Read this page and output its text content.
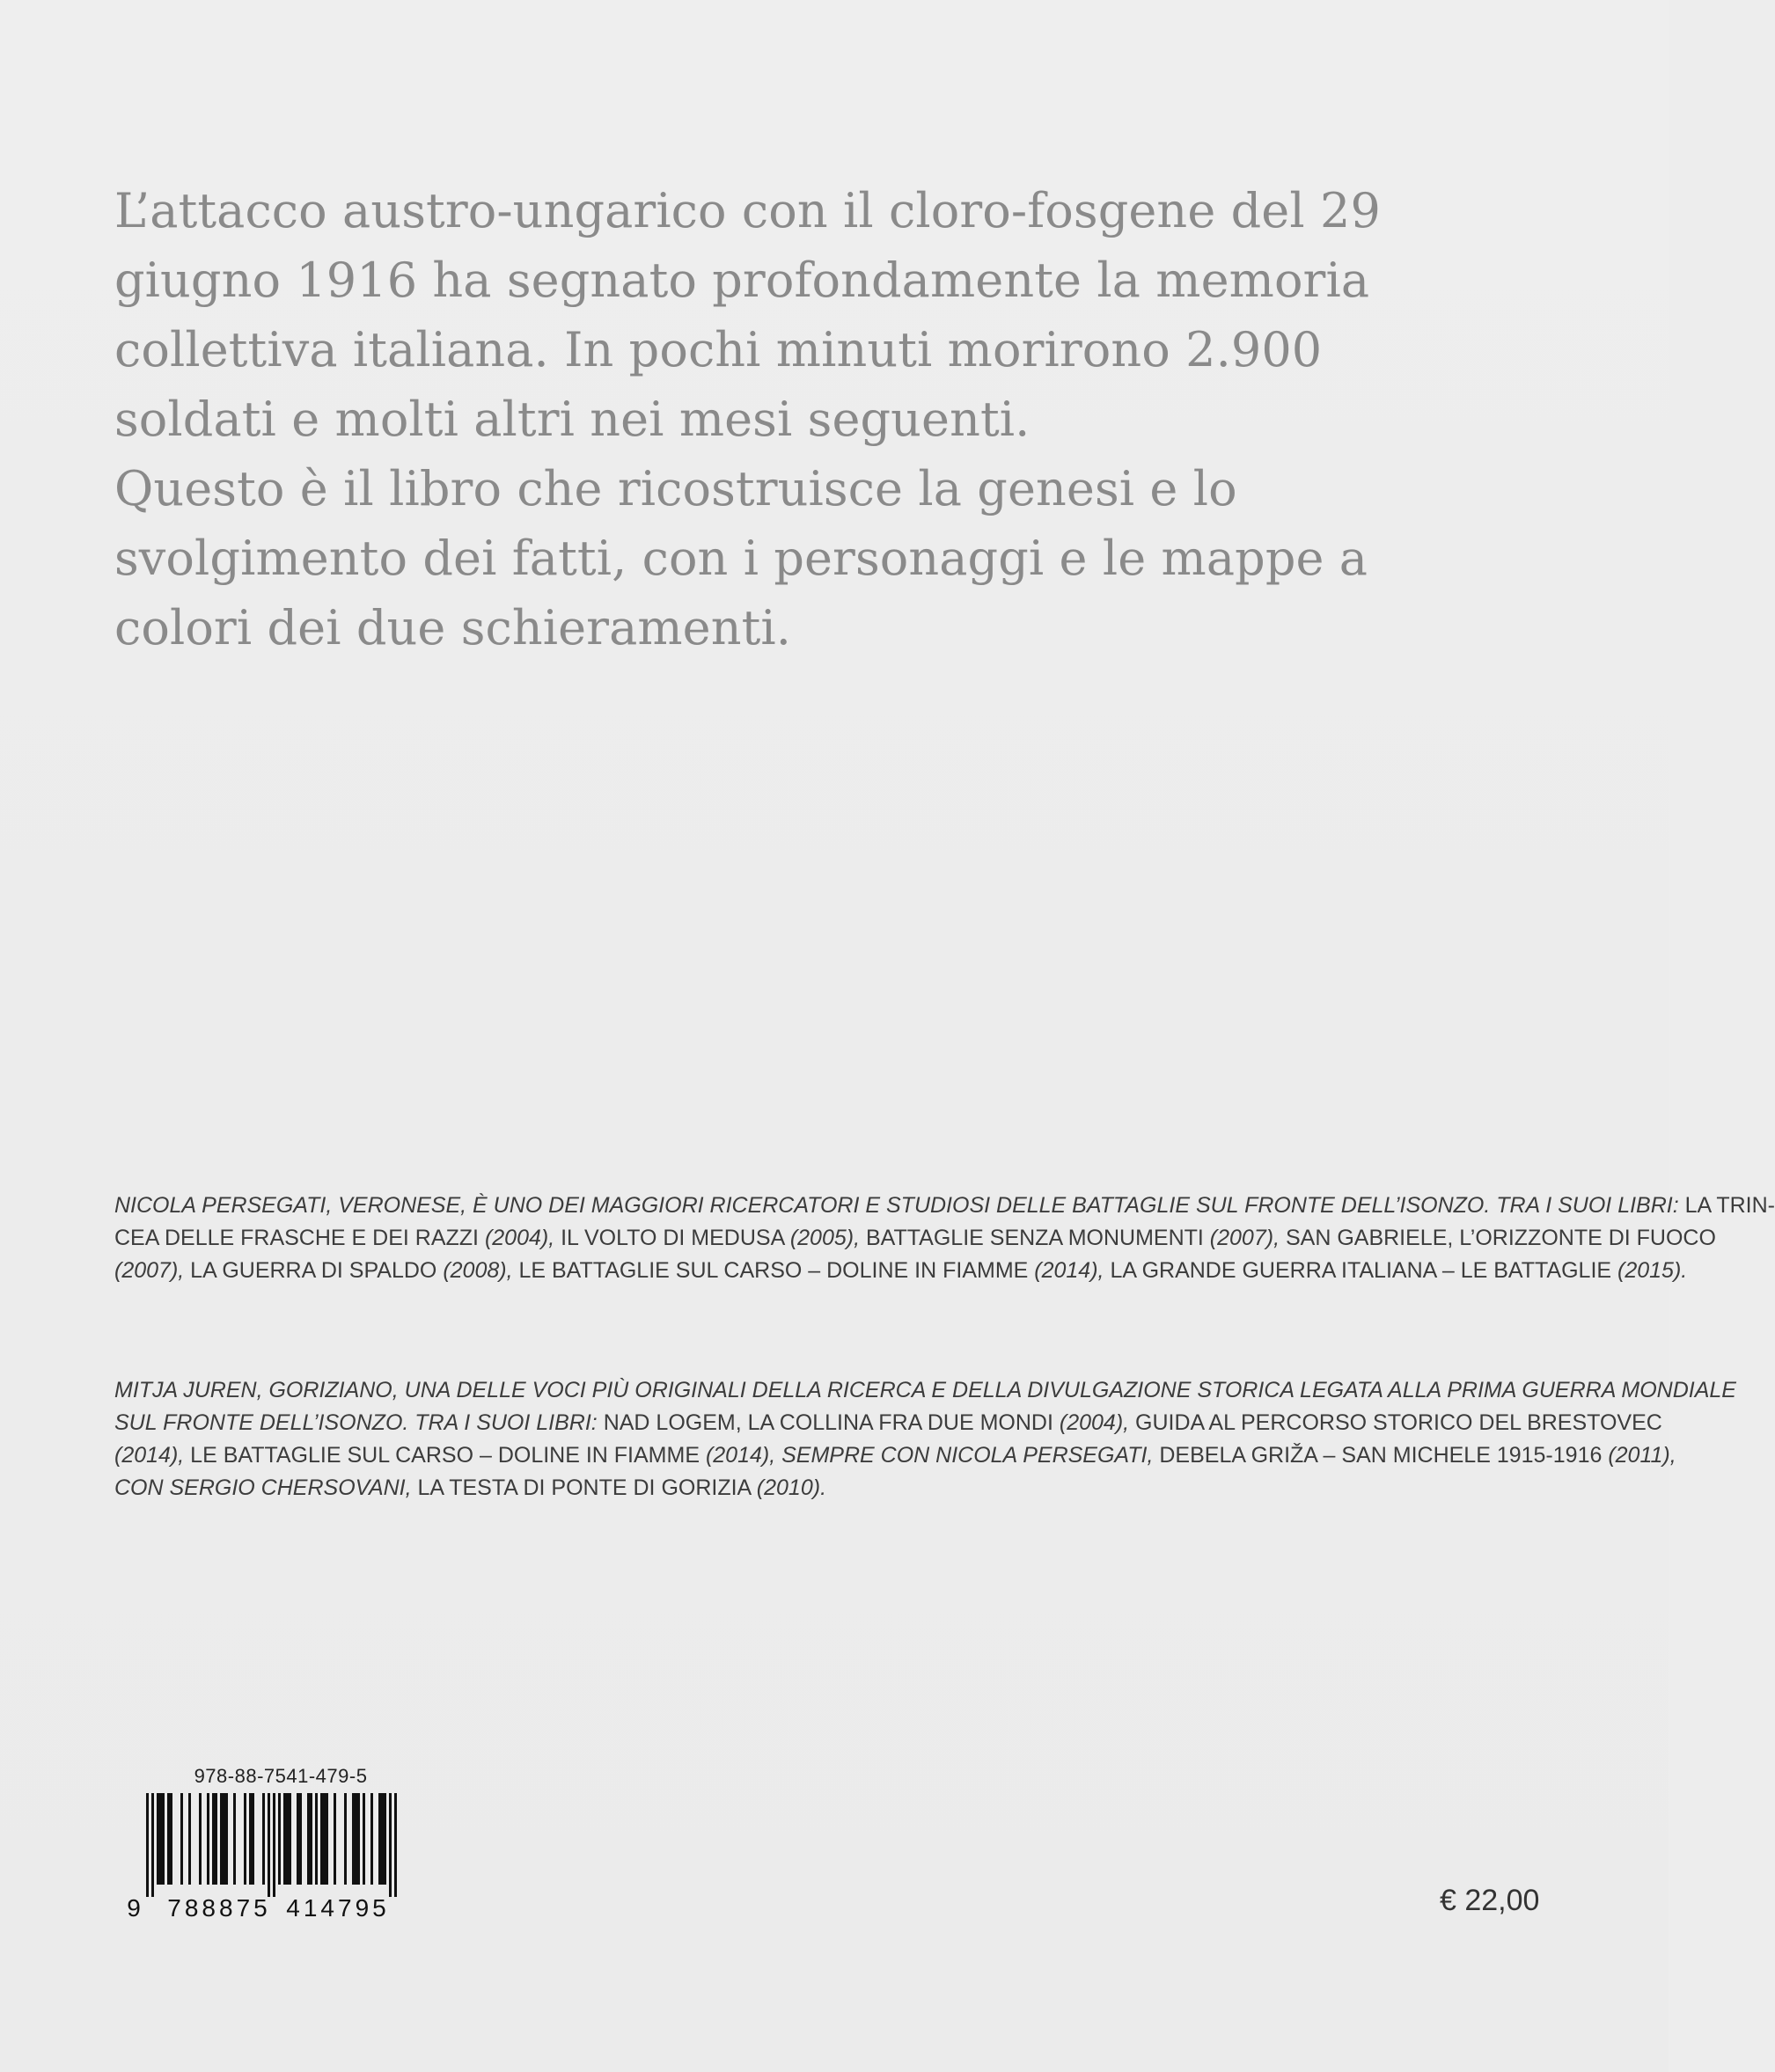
L’attacco austro-ungarico con il cloro-fosgene del 29
giugno 1916 ha segnato profondamente la memoria
collettiva italiana. In pochi minuti morirono 2.900
soldati e molti altri nei mesi seguenti.
Questo è il libro che ricostruisce la genesi e lo
svolgimento dei fatti, con i personaggi e le mappe a
colori dei due schieramenti.

NICOLA PERSEGATI, VERONESE, È UNO DEI MAGGIORI RICERCATORI E STUDIOSI DELLE BATTAGLIE SUL FRONTE DELL’ISONZO. TRA I SUOI LIBRI: LA TRIN-
CEA DELLE FRASCHE E DEI RAZZI (2004), IL VOLTO DI MEDUSA (2005), BATTAGLIE SENZA MONUMENTI (2007), SAN GABRIELE, L’ORIZZONTE DI FUOCO
(2007), LA GUERRA DI SPALDO (2008), LE BATTAGLIE SUL CARSO – DOLINE IN FIAMME (2014), LA GRANDE GUERRA ITALIANA – LE BATTAGLIE (2015).

MITJA JUREN, GORIZIANO, UNA DELLE VOCI PIÙ ORIGINALI DELLA RICERCA E DELLA DIVULGAZIONE STORICA LEGATA ALLA PRIMA GUERRA MONDIALE
SUL FRONTE DELL’ISONZO. TRA I SUOI LIBRI: NAD LOGEM, LA COLLINA FRA DUE MONDI (2004), GUIDA AL PERCORSO STORICO DEL BRESTOVEC
(2014), LE BATTAGLIE SUL CARSO – DOLINE IN FIAMME (2014), SEMPRE CON NICOLA PERSEGATI, DEBELA GRIŽA – SAN MICHELE 1915-1916 (2011),
CON SERGIO CHERSOVANI, LA TESTA DI PONTE DI GORIZIA (2010).

978-88-7541-479-5
9 788875 414795	€ 22,00
